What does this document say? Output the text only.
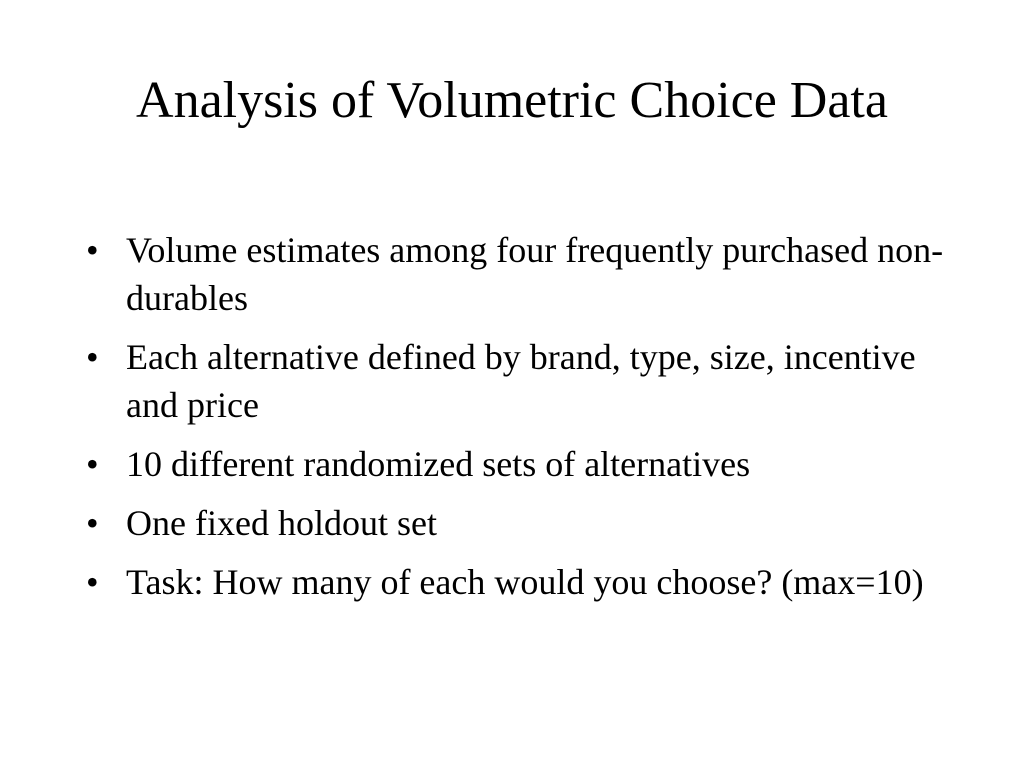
Analysis of Volumetric Choice Data
• Volume estimates among four frequently purchased non-durables
• Each alternative defined by brand, type, size, incentive and price
• 10 different randomized sets of alternatives
• One fixed holdout set
• Task: How many of each would you choose? (max=10)
